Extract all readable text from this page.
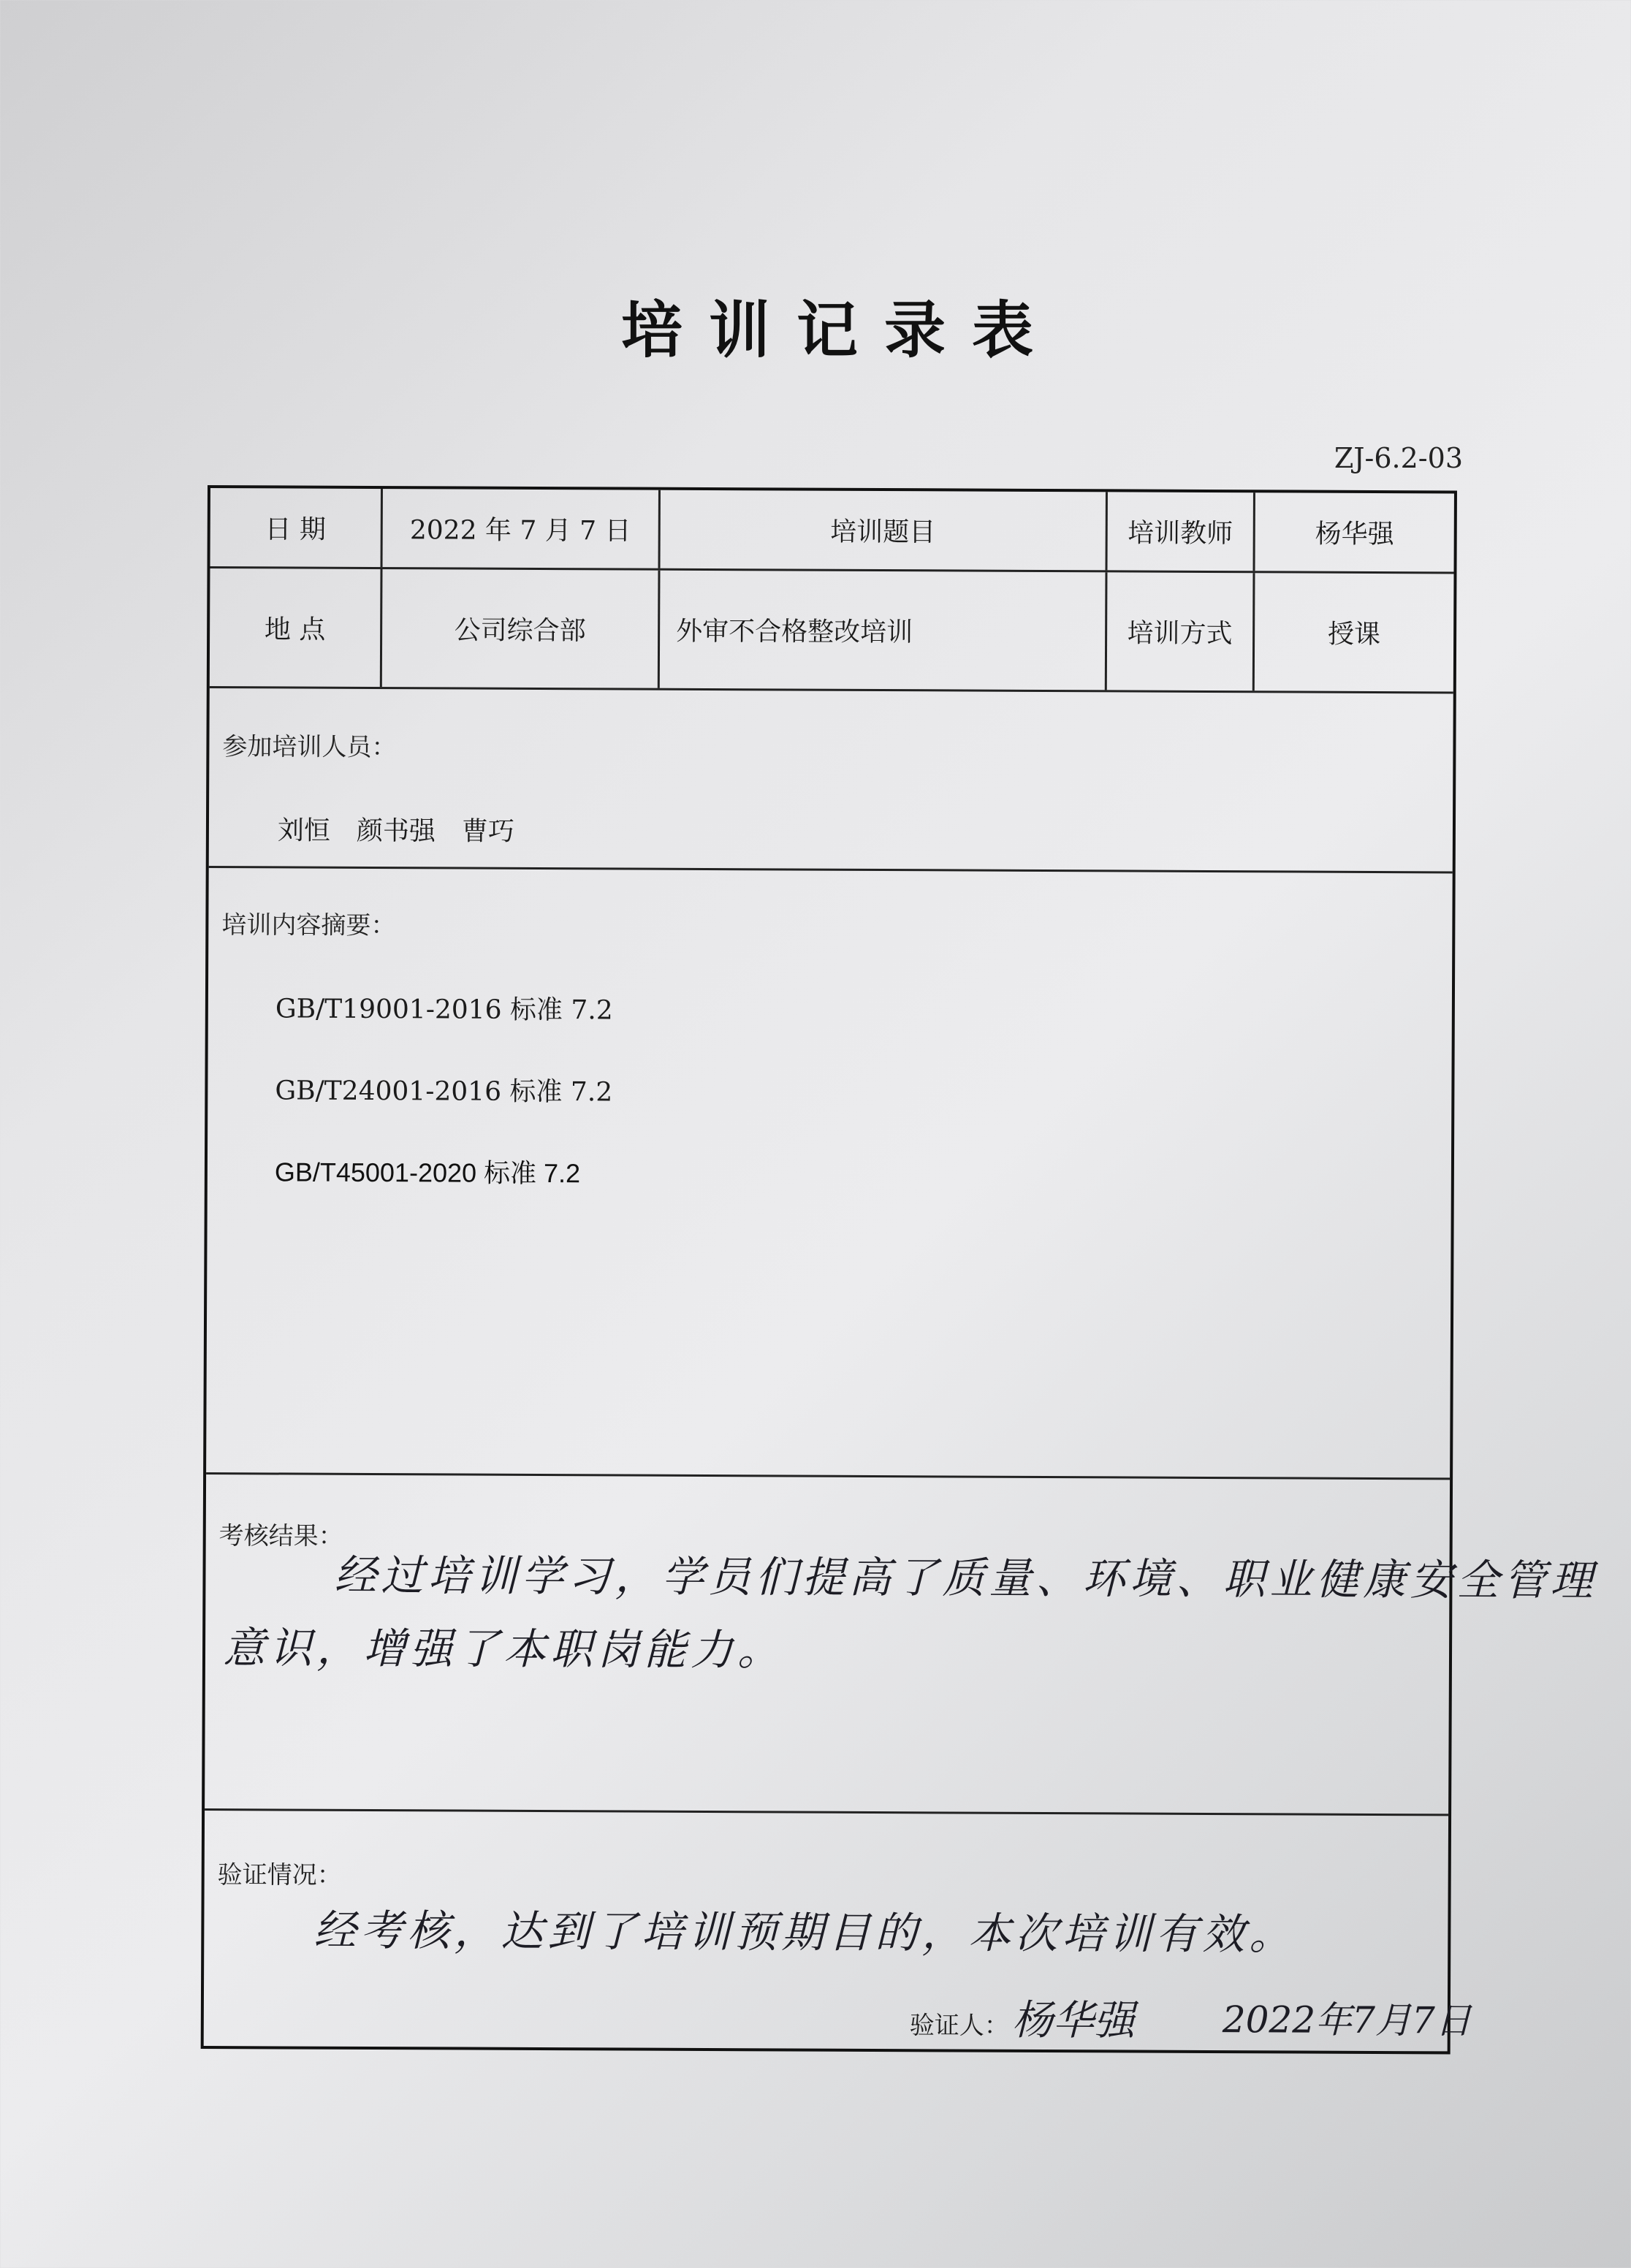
培训记录表
ZJ-6.2-03
日 期	2022 年 7 月 7 日	培训题目	培训教师	杨华强
地 点	公司综合部	外审不合格整改培训	培训方式	授课
参加培训人员：
刘恒　颜书强　曹巧
培训内容摘要：
GB/T19001-2016 标准 7.2
GB/T24001-2016 标准 7.2
GB/T45001-2020 标准 7.2
考核结果：
经过培训学习，学员们提高了质量、环境、职业健康安全管理
意识，增强了本职岗能力。
验证情况：
经考核，达到了培训预期目的，本次培训有效。
验证人： 杨华强 2022年7月7日
